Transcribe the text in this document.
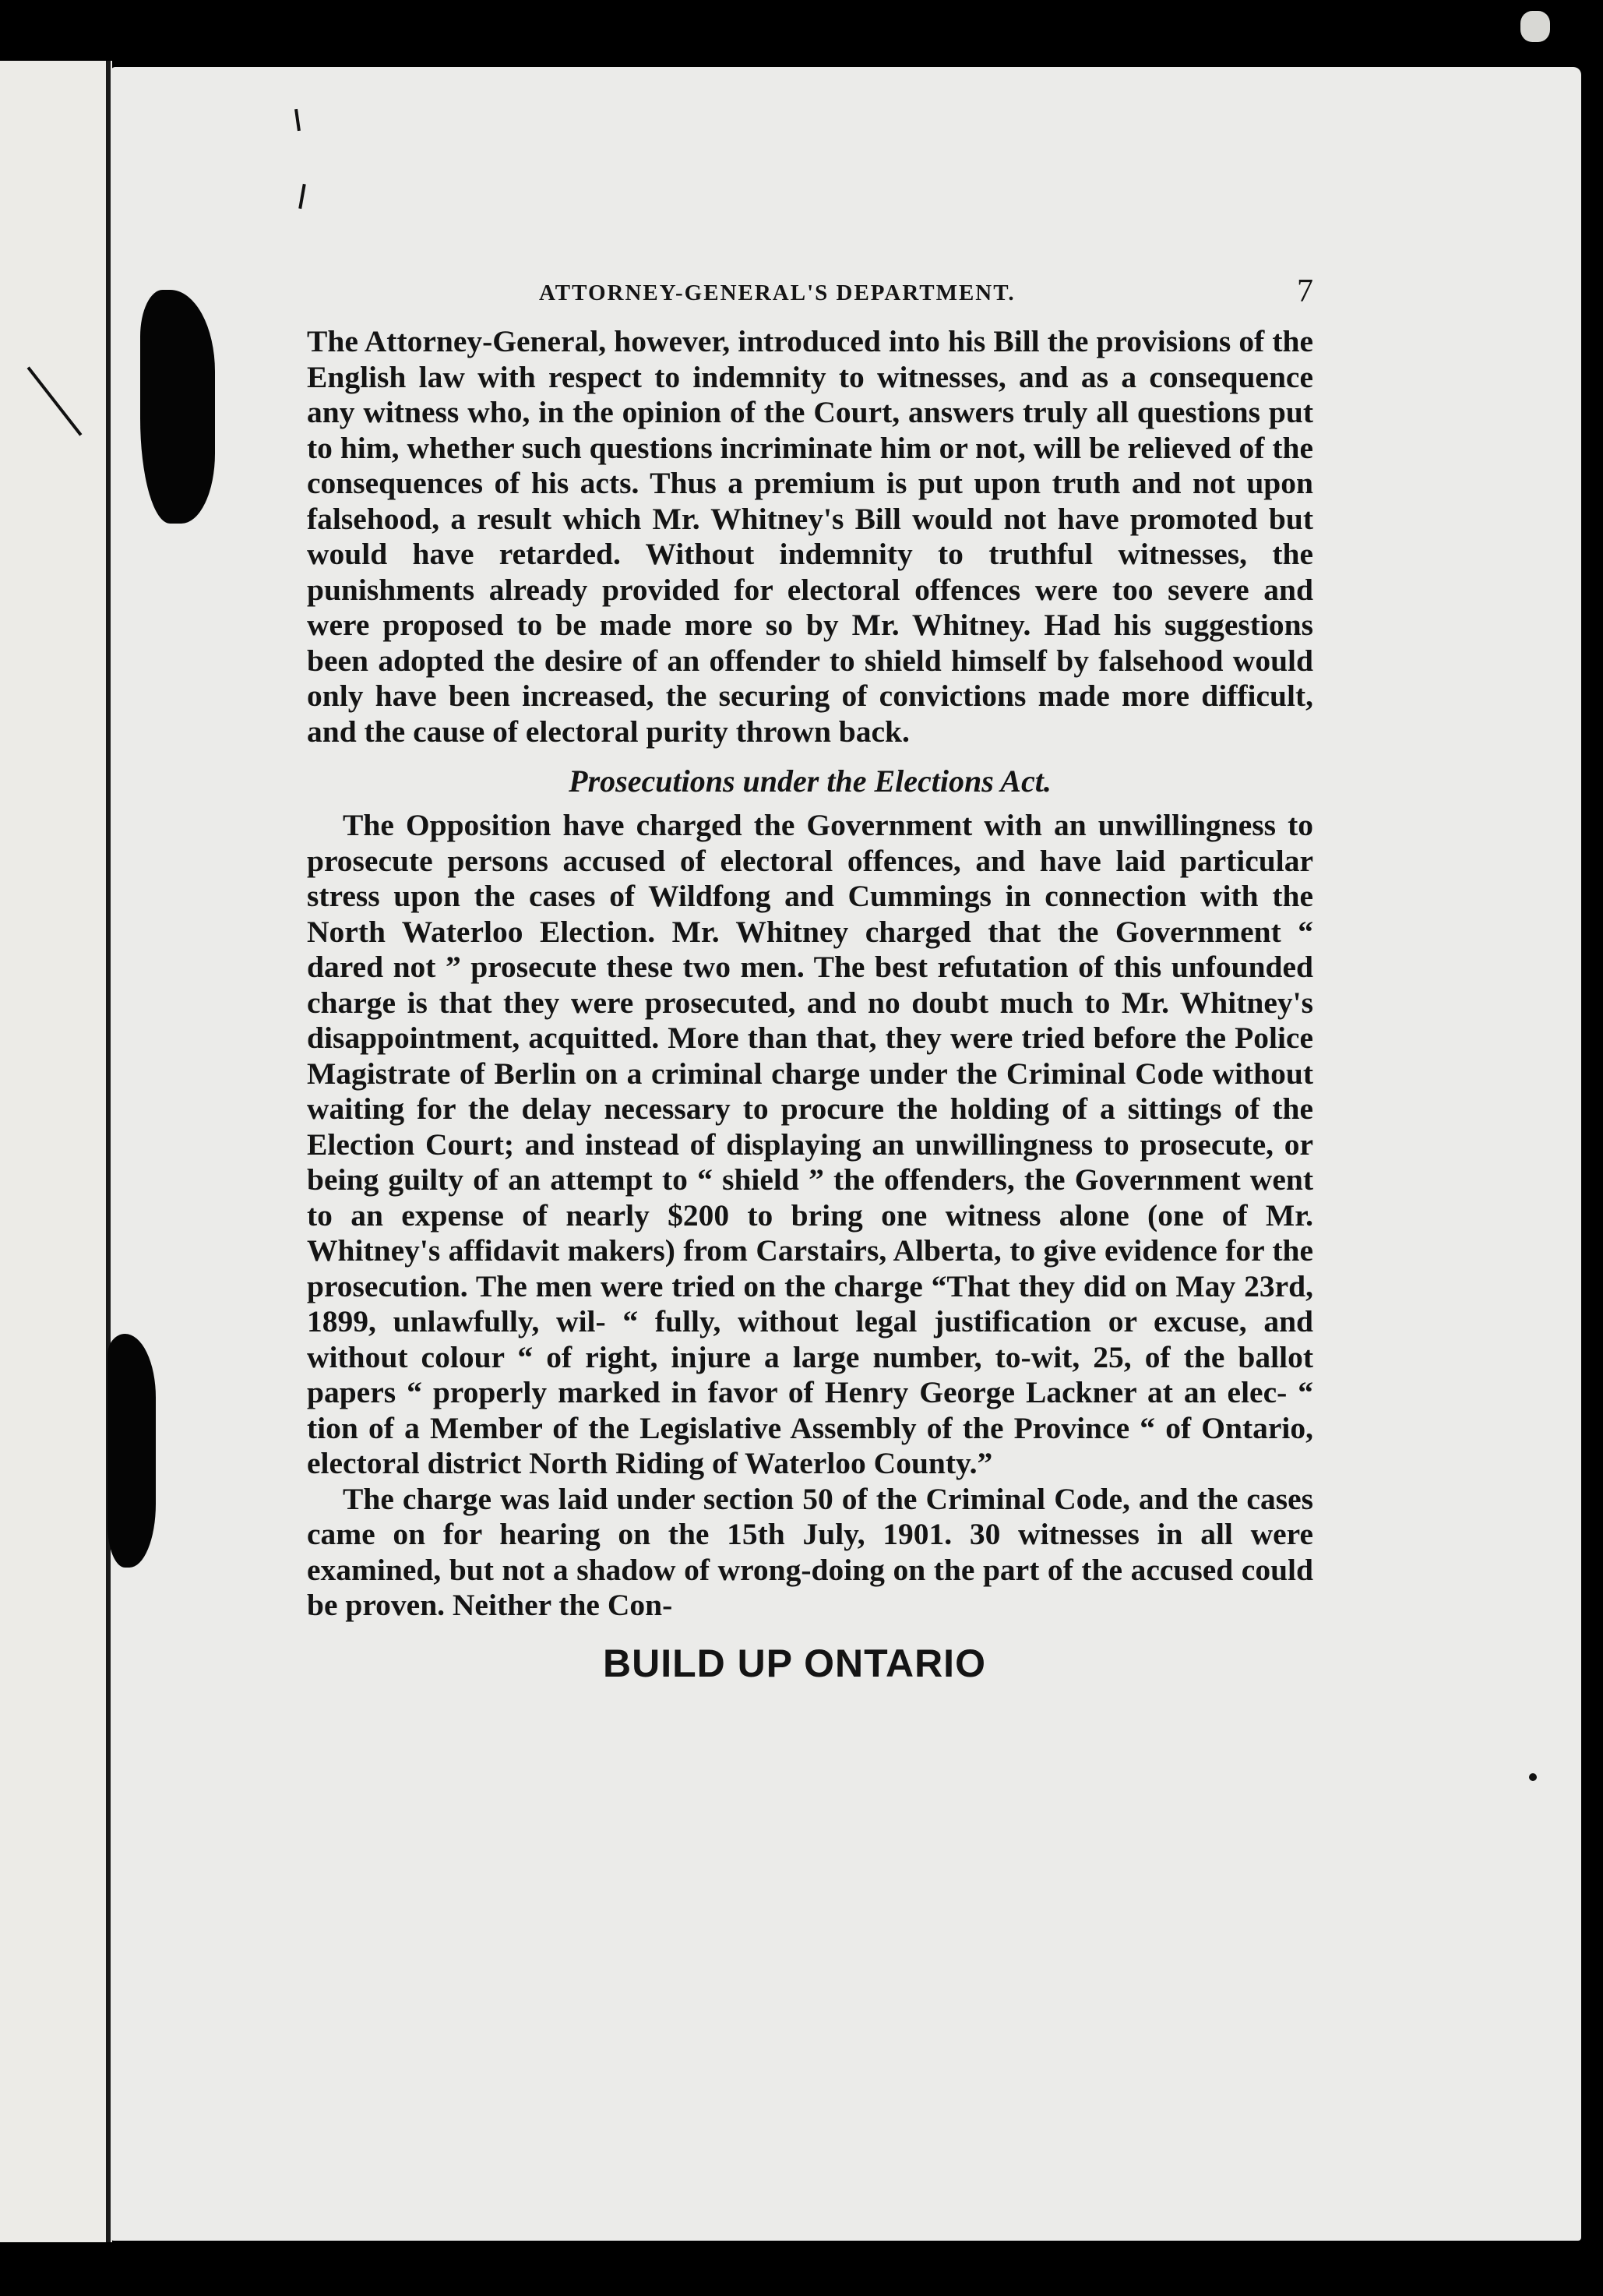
ATTORNEY-GENERAL'S DEPARTMENT.	7

The Attorney-General, however, introduced into his Bill the provisions of the English law with respect to indemnity to witnesses, and as a consequence any witness who, in the opinion of the Court, answers truly all questions put to him, whether such questions incriminate him or not, will be relieved of the consequences of his acts. Thus a premium is put upon truth and not upon falsehood, a result which Mr. Whitney's Bill would not have promoted but would have retarded. Without indemnity to truthful witnesses, the punishments already provided for electoral offences were too severe and were proposed to be made more so by Mr. Whitney. Had his suggestions been adopted the desire of an offender to shield himself by falsehood would only have been increased, the securing of convictions made more difficult, and the cause of electoral purity thrown back.

Prosecutions under the Elections Act.

The Opposition have charged the Government with an unwillingness to prosecute persons accused of electoral offences, and have laid particular stress upon the cases of Wildfong and Cummings in connection with the North Waterloo Election. Mr. Whitney charged that the Government “ dared not ” prosecute these two men. The best refutation of this unfounded charge is that they were prosecuted, and no doubt much to Mr. Whitney's disappointment, acquitted. More than that, they were tried before the Police Magistrate of Berlin on a criminal charge under the Criminal Code without waiting for the delay necessary to procure the holding of a sittings of the Election Court; and instead of displaying an unwillingness to prosecute, or being guilty of an attempt to “ shield ” the offenders, the Government went to an expense of nearly $200 to bring one witness alone (one of Mr. Whitney's affidavit makers) from Carstairs, Alberta, to give evidence for the prosecution. The men were tried on the charge “That they did on May 23rd, 1899, unlawfully, wil- “ fully, without legal justification or excuse, and without colour “ of right, injure a large number, to-wit, 25, of the ballot papers “ properly marked in favor of Henry George Lackner at an elec- “ tion of a Member of the Legislative Assembly of the Province “ of Ontario, electoral district North Riding of Waterloo County.”

The charge was laid under section 50 of the Criminal Code, and the cases came on for hearing on the 15th July, 1901. 30 witnesses in all were examined, but not a shadow of wrong-doing on the part of the accused could be proven. Neither the Con-

BUILD UP ONTARIO
